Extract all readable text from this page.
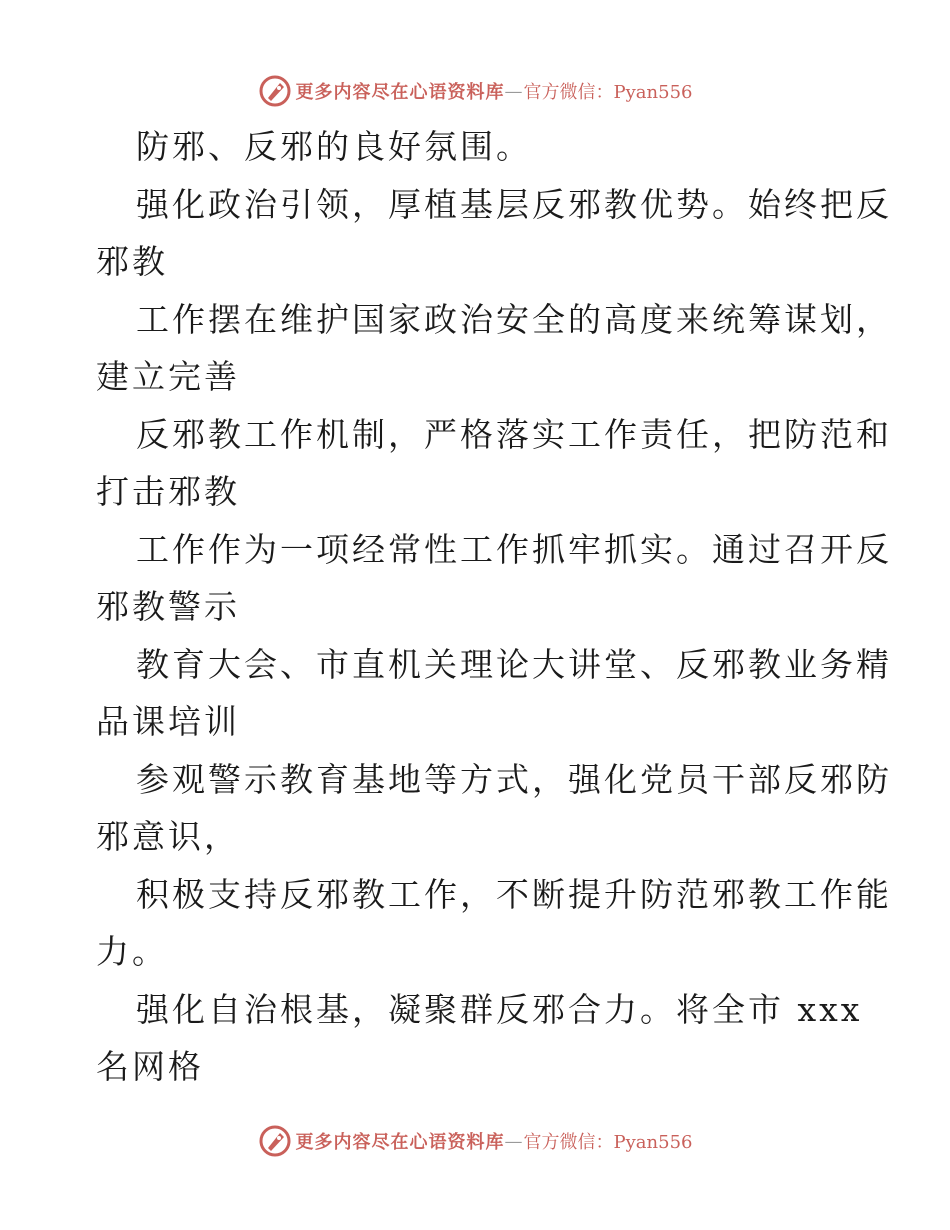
更多内容尽在心语资料库 — 官方微信：Pyan556
防邪、反邪的良好氛围。
强化政治引领，厚植基层反邪教优势。始终把反
邪教
工作摆在维护国家政治安全的高度来统筹谋划，
建立完善
反邪教工作机制，严格落实工作责任，把防范和
打击邪教
工作作为一项经常性工作抓牢抓实。通过召开反
邪教警示
教育大会、市直机关理论大讲堂、反邪教业务精
品课培训
参观警示教育基地等方式，强化党员干部反邪防
邪意识，
积极支持反邪教工作，不断提升防范邪教工作能
力。
强化自治根基，凝聚群反邪合力。将全市 xxx
名网格
更多内容尽在心语资料库 — 官方微信：Pyan556
